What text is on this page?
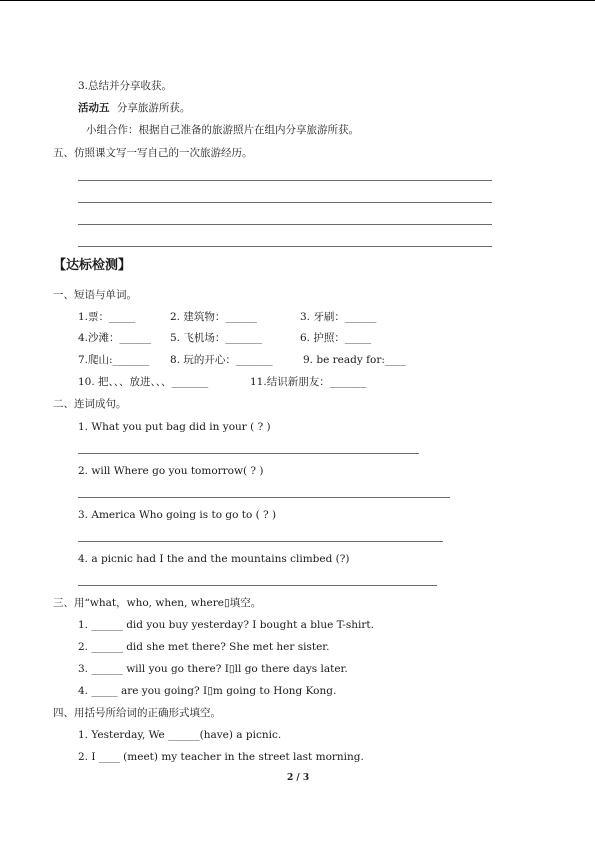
3.总结并分享收获。
活动五 分享旅游所获。
小组合作：根据自己准备的旅游照片在组内分享旅游所获。
五、仿照课文写一写自己的一次旅游经历。
【达标检测】
一、短语与单词。
1.票：_____	2. 建筑物：______	3. 牙刷：______
4.沙滩：______ 5. 飞机场：_______	6. 护照：_____
7.爬山:_______ 8. 玩的开心：_______	9. be ready for:____
10. 把、、、放进、、、_______	11.结识新朋友：_______
二、连词成句。
1. What you put bag did in your ( ? )
2. will Where go you tomorrow( ? )
3. America Who going is to go to ( ? )
4. a picnic had I the and the mountains climbed (?)
三、用“what，who, when, where▯填空。
1. ______ did you buy yesterday? I bought a blue T-shirt.
2. ______ did she met there? She met her sister.
3. ______ will you go there? I▯ll go there days later.
4. _____ are you going? I▯m going to Hong Kong.
四、用括号所给词的正确形式填空。
1. Yesterday, We ______(have) a picnic.
2. I ____ (meet) my teacher in the street last morning.
2 / 3
